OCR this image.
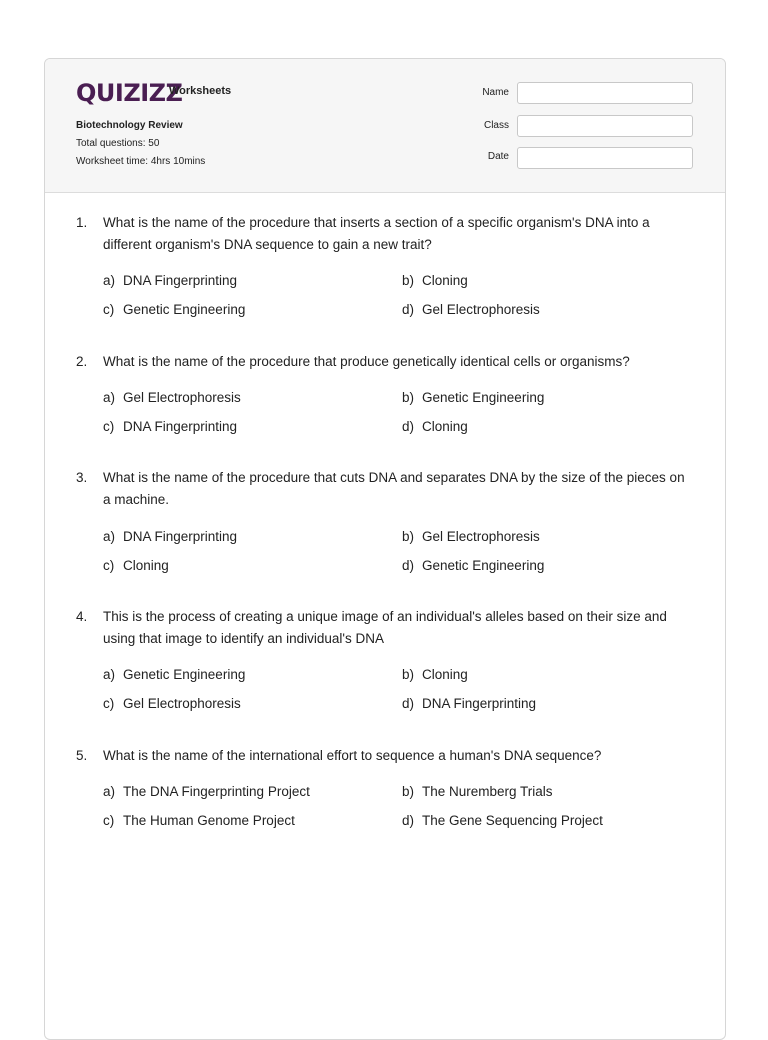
QUIZIZZ
Worksheets
Biotechnology Review
Total questions: 50
Worksheet time: 4hrs 10mins
Name
Class
Date
1. What is the name of the procedure that inserts a section of a specific organism's DNA into a different organism's DNA sequence to gain a new trait?
a) DNA Fingerprinting	b) Cloning
c) Genetic Engineering	d) Gel Electrophoresis
2. What is the name of the procedure that produce genetically identical cells or organisms?
a) Gel Electrophoresis	b) Genetic Engineering
c) DNA Fingerprinting	d) Cloning
3. What is the name of the procedure that cuts DNA and separates DNA by the size of the pieces on a machine.
a) DNA Fingerprinting	b) Gel Electrophoresis
c) Cloning	d) Genetic Engineering
4. This is the process of creating a unique image of an individual's alleles based on their size and using that image to identify an individual's DNA
a) Genetic Engineering	b) Cloning
c) Gel Electrophoresis	d) DNA Fingerprinting
5. What is the name of the international effort to sequence a human's DNA sequence?
a) The DNA Fingerprinting Project	b) The Nuremberg Trials
c) The Human Genome Project	d) The Gene Sequencing Project
